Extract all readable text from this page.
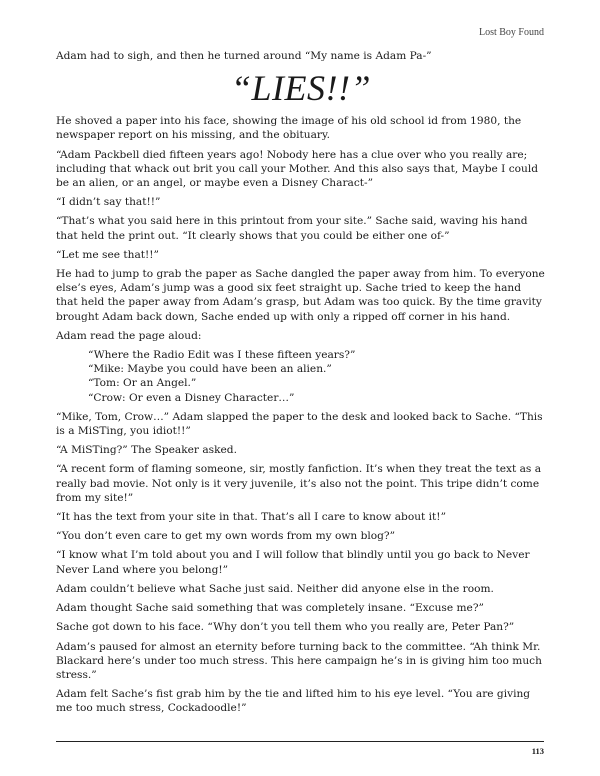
Lost Boy Found

Adam had to sigh, and then he turned around “My name is Adam Pa-”

“LIES!!”

He shoved a paper into his face, showing the image of his old school id from 1980, the newspaper report on his missing, and the obituary.

“Adam Packbell died fifteen years ago! Nobody here has a clue over who you really are; including that whack out brit you call your Mother. And this also says that, Maybe I could be an alien, or an angel, or maybe even a Disney Charact-”

“I didn’t say that!!”

“That’s what you said here in this printout from your site.” Sache said, waving his hand that held the print out. “It clearly shows that you could be either one of-”

“Let me see that!!”

He had to jump to grab the paper as Sache dangled the paper away from him. To everyone else’s eyes, Adam’s jump was a good six feet straight up. Sache tried to keep the hand that held the paper away from Adam’s grasp, but Adam was too quick. By the time gravity brought Adam back down, Sache ended up with only a ripped off corner in his hand.

Adam read the page aloud:

“Where the Radio Edit was I these fifteen years?”
“Mike: Maybe you could have been an alien.”
“Tom: Or an Angel.”
“Crow: Or even a Disney Character…”

“Mike, Tom, Crow…” Adam slapped the paper to the desk and looked back to Sache. “This is a MiSTing, you idiot!!”

“A MiSTing?” The Speaker asked.

“A recent form of flaming someone, sir, mostly fanfiction. It’s when they treat the text as a really bad movie. Not only is it very juvenile, it’s also not the point. This tripe didn’t come from my site!”

“It has the text from your site in that. That’s all I care to know about it!”

“You don’t even care to get my own words from my own blog?”

“I know what I’m told about you and I will follow that blindly until you go back to Never Never Land where you belong!”

Adam couldn’t believe what Sache just said. Neither did anyone else in the room.

Adam thought Sache said something that was completely insane. “Excuse me?”

Sache got down to his face. “Why don’t you tell them who you really are, Peter Pan?”

Adam’s paused for almost an eternity before turning back to the committee. “Ah think Mr. Blackard here’s under too much stress. This here campaign he’s in is giving him too much stress.”

Adam felt Sache’s fist grab him by the tie and lifted him to his eye level. “You are giving me too much stress, Cockadoodle!”

113
